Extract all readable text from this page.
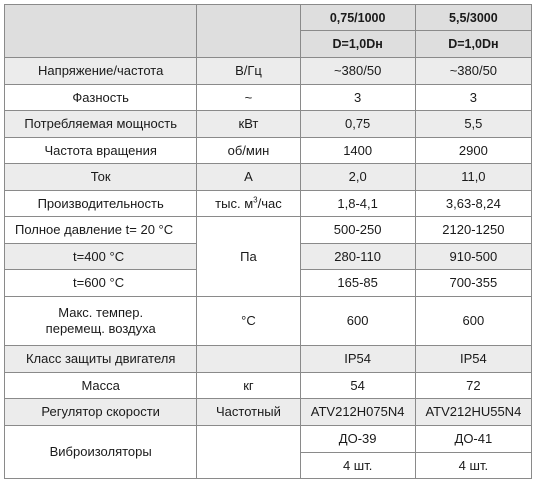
		0,75/1000	5,5/3000
		D=1,0Dн	D=1,0Dн
Напряжение/частота	В/Гц	~380/50	~380/50
Фазность	~	3	3
Потребляемая мощность	кВт	0,75	5,5
Частота вращения	об/мин	1400	2900
Ток	А	2,0	11,0
Производительность	тыс. $м^3$/час	1,8-4,1	3,63-8,24
Полное давление t= 20 °C	Па	500-250	2120-1250
t=400 °C		280-110	910-500
t=600 °C		165-85	700-355
Макс. темпер. перемещ. воздуха	°C	600	600
Класс защиты двигателя		IP54	IP54
Масса	кг	54	72
Регулятор скорости	Частотный	ATV212H075N4	ATV212HU55N4
Виброизоляторы		ДО-39	ДО-41
		4 шт.	4 шт.
